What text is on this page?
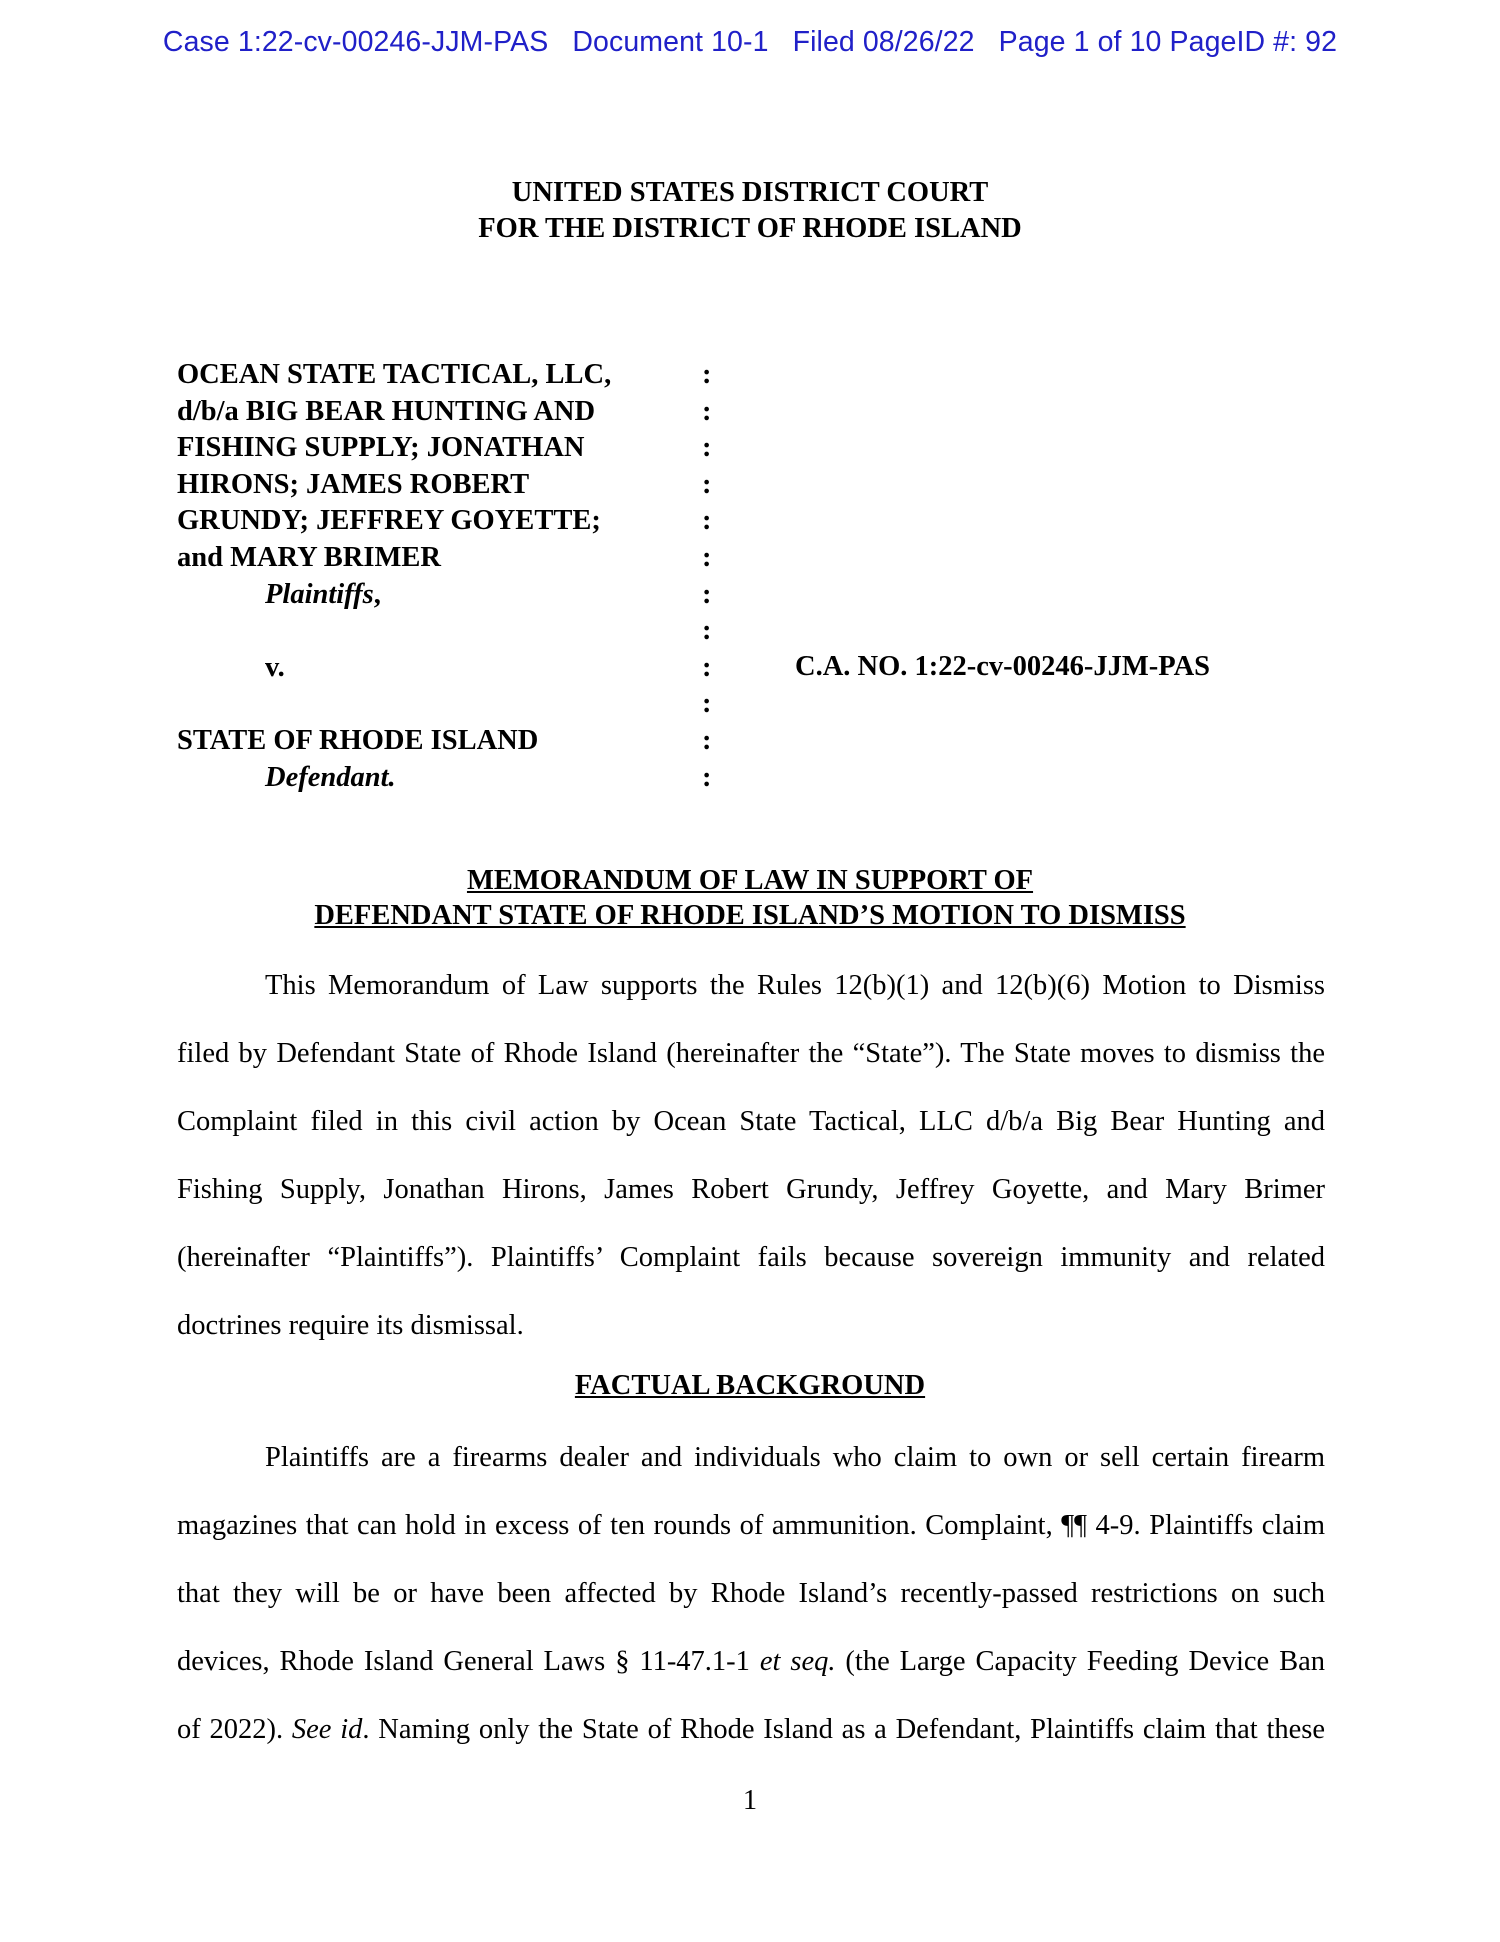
Case 1:22-cv-00246-JJM-PAS   Document 10-1   Filed 08/26/22   Page 1 of 10 PageID #: 92
UNITED STATES DISTRICT COURT
FOR THE DISTRICT OF RHODE ISLAND
OCEAN STATE TACTICAL, LLC,
d/b/a BIG BEAR HUNTING AND
FISHING SUPPLY; JONATHAN
HIRONS; JAMES ROBERT
GRUNDY; JEFFREY GOYETTE;
and MARY BRIMER
Plaintiffs,

v.

STATE OF RHODE ISLAND
Defendant.
:
:
:
:
:
:
:
:
:
:
:
:
C.A. NO. 1:22-cv-00246-JJM-PAS
MEMORANDUM OF LAW IN SUPPORT OF
DEFENDANT STATE OF RHODE ISLAND’S MOTION TO DISMISS
This Memorandum of Law supports the Rules 12(b)(1) and 12(b)(6) Motion to Dismiss
filed by Defendant State of Rhode Island (hereinafter the “State”). The State moves to dismiss the
Complaint filed in this civil action by Ocean State Tactical, LLC d/b/a Big Bear Hunting and
Fishing Supply, Jonathan Hirons, James Robert Grundy, Jeffrey Goyette, and Mary Brimer
(hereinafter “Plaintiffs”). Plaintiffs’ Complaint fails because sovereign immunity and related
doctrines require its dismissal.
FACTUAL BACKGROUND
Plaintiffs are a firearms dealer and individuals who claim to own or sell certain firearm
magazines that can hold in excess of ten rounds of ammunition. Complaint, ¶¶ 4-9. Plaintiffs claim
that they will be or have been affected by Rhode Island’s recently-passed restrictions on such
devices, Rhode Island General Laws § 11-47.1-1 et seq. (the Large Capacity Feeding Device Ban
of 2022). See id. Naming only the State of Rhode Island as a Defendant, Plaintiffs claim that these
1
